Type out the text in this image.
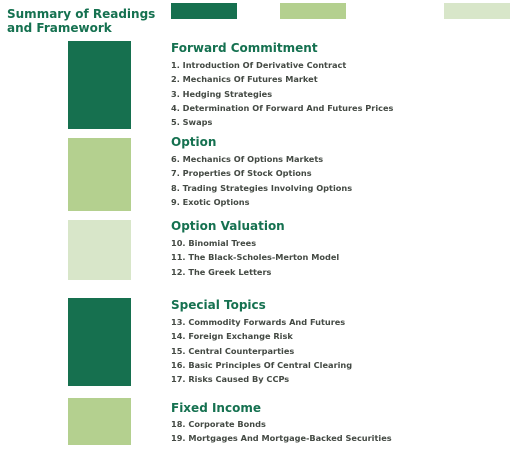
Summary of Readings and Framework
Forward Commitment
1. Introduction Of Derivative Contract
2. Mechanics Of Futures Market
3. Hedging Strategies
4. Determination Of Forward And Futures Prices
5. Swaps
Option
6. Mechanics Of Options Markets
7. Properties Of Stock Options
8. Trading Strategies Involving Options
9. Exotic Options
Option Valuation
10. Binomial Trees
11. The Black-Scholes-Merton Model
12. The Greek Letters
Special Topics
13. Commodity Forwards And Futures
14. Foreign Exchange Risk
15. Central Counterparties
16. Basic Principles Of Central Clearing
17. Risks Caused By CCPs
Fixed Income
18. Corporate Bonds
19. Mortgages And Mortgage-Backed Securities
